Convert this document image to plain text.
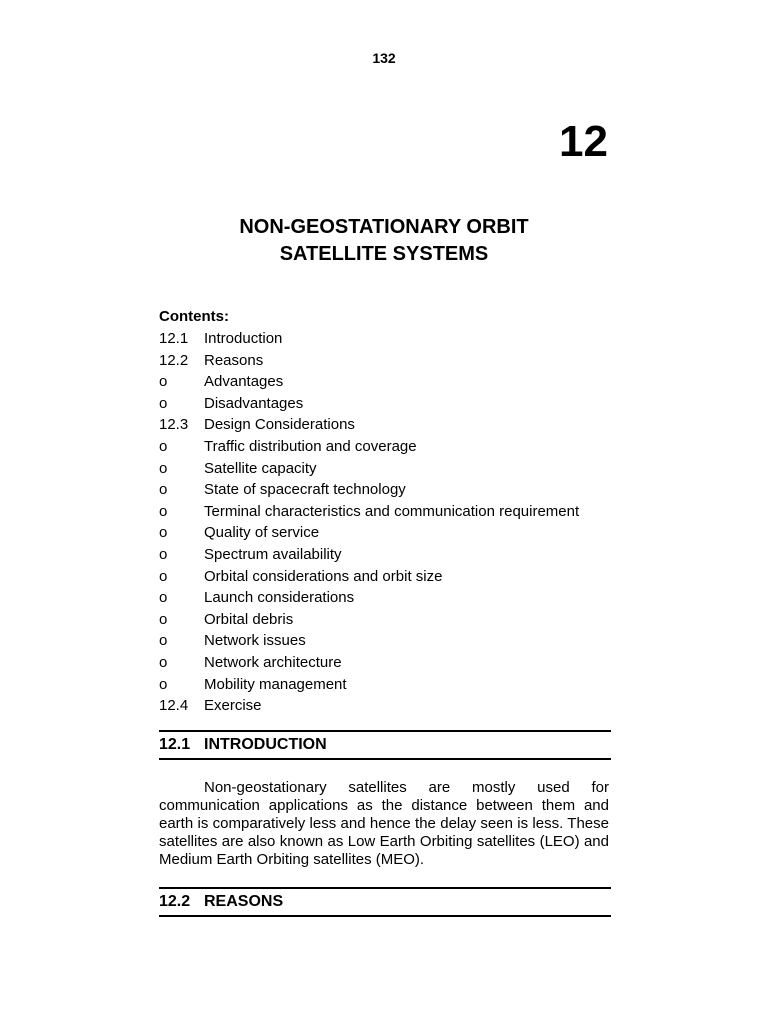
132
12
NON-GEOSTATIONARY ORBIT
SATELLITE SYSTEMS
Contents:
12.1	Introduction
12.2	Reasons
o	Advantages
o	Disadvantages
12.3	Design Considerations
o	Traffic distribution and coverage
o	Satellite capacity
o	State of spacecraft technology
o	Terminal characteristics and communication requirement
o	Quality of service
o	Spectrum availability
o	Orbital considerations and orbit size
o	Launch considerations
o	Orbital debris
o	Network issues
o	Network architecture
o	Mobility management
12.4	Exercise
12.1 INTRODUCTION
Non-geostationary satellites are mostly used for communication applications as the distance between them and earth is comparatively less and hence the delay seen is less. These satellites are also known as Low Earth Orbiting satellites (LEO) and Medium Earth Orbiting satellites (MEO).
12.2 REASONS
